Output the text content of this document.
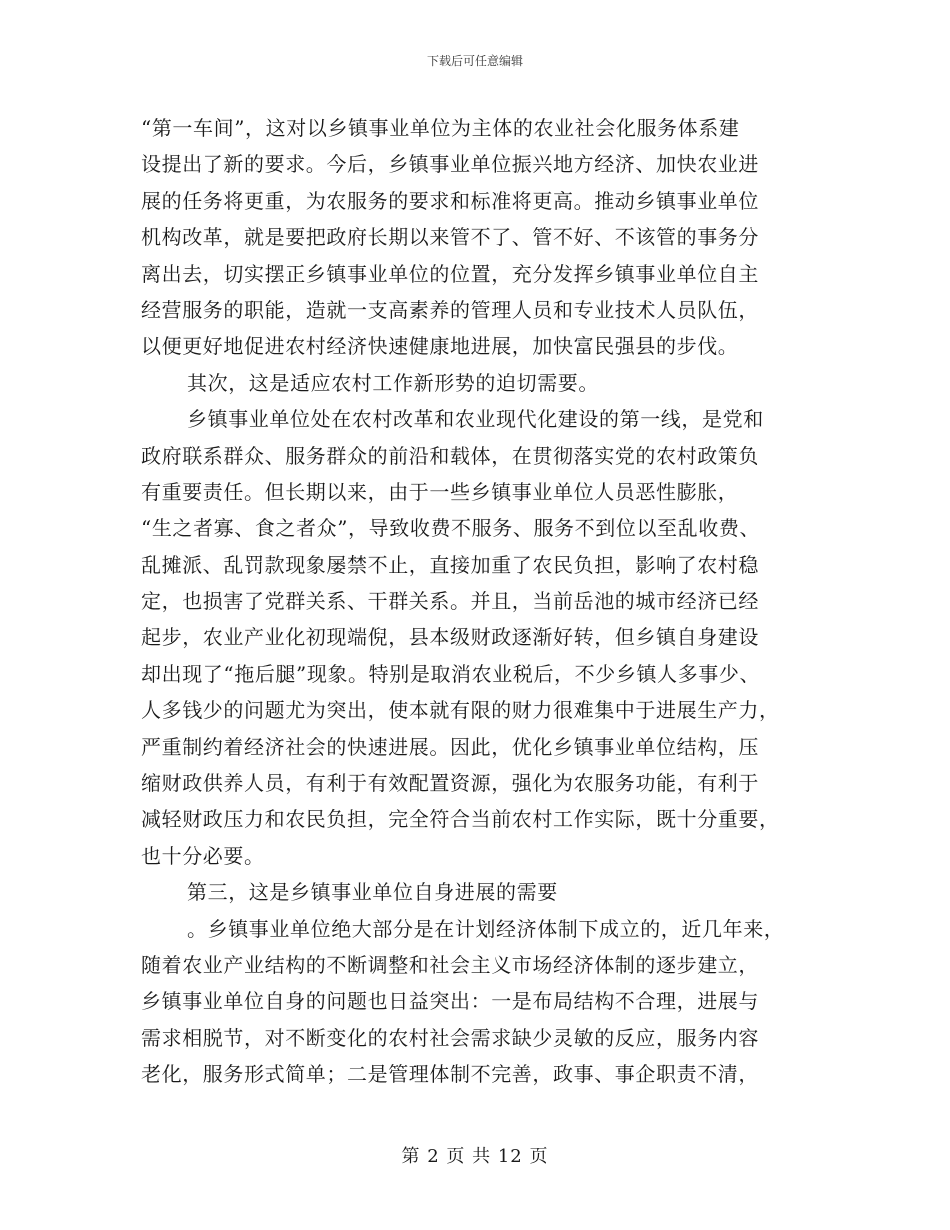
下载后可任意编辑
“第一车间”，这对以乡镇事业单位为主体的农业社会化服务体系建
设提出了新的要求。今后，乡镇事业单位振兴地方经济、加快农业进
展的任务将更重，为农服务的要求和标准将更高。推动乡镇事业单位
机构改革，就是要把政府长期以来管不了、管不好、不该管的事务分
离出去，切实摆正乡镇事业单位的位置，充分发挥乡镇事业单位自主
经营服务的职能，造就一支高素养的管理人员和专业技术人员队伍，
以便更好地促进农村经济快速健康地进展，加快富民强县的步伐。
其次，这是适应农村工作新形势的迫切需要。
乡镇事业单位处在农村改革和农业现代化建设的第一线，是党和
政府联系群众、服务群众的前沿和载体，在贯彻落实党的农村政策负
有重要责任。但长期以来，由于一些乡镇事业单位人员恶性膨胀，
“生之者寡、食之者众”，导致收费不服务、服务不到位以至乱收费、
乱摊派、乱罚款现象屡禁不止，直接加重了农民负担，影响了农村稳
定，也损害了党群关系、干群关系。并且，当前岳池的城市经济已经
起步，农业产业化初现端倪，县本级财政逐渐好转，但乡镇自身建设
却出现了“拖后腿”现象。特别是取消农业税后，不少乡镇人多事少、
人多钱少的问题尤为突出，使本就有限的财力很难集中于进展生产力，
严重制约着经济社会的快速进展。因此，优化乡镇事业单位结构，压
缩财政供养人员，有利于有效配置资源，强化为农服务功能，有利于
减轻财政压力和农民负担，完全符合当前农村工作实际，既十分重要，
也十分必要。
第三，这是乡镇事业单位自身进展的需要
。乡镇事业单位绝大部分是在计划经济体制下成立的，近几年来，
随着农业产业结构的不断调整和社会主义市场经济体制的逐步建立，
乡镇事业单位自身的问题也日益突出：一是布局结构不合理，进展与
需求相脱节，对不断变化的农村社会需求缺少灵敏的反应，服务内容
老化，服务形式简单；二是管理体制不完善，政事、事企职责不清，
第 2 页 共 12 页
